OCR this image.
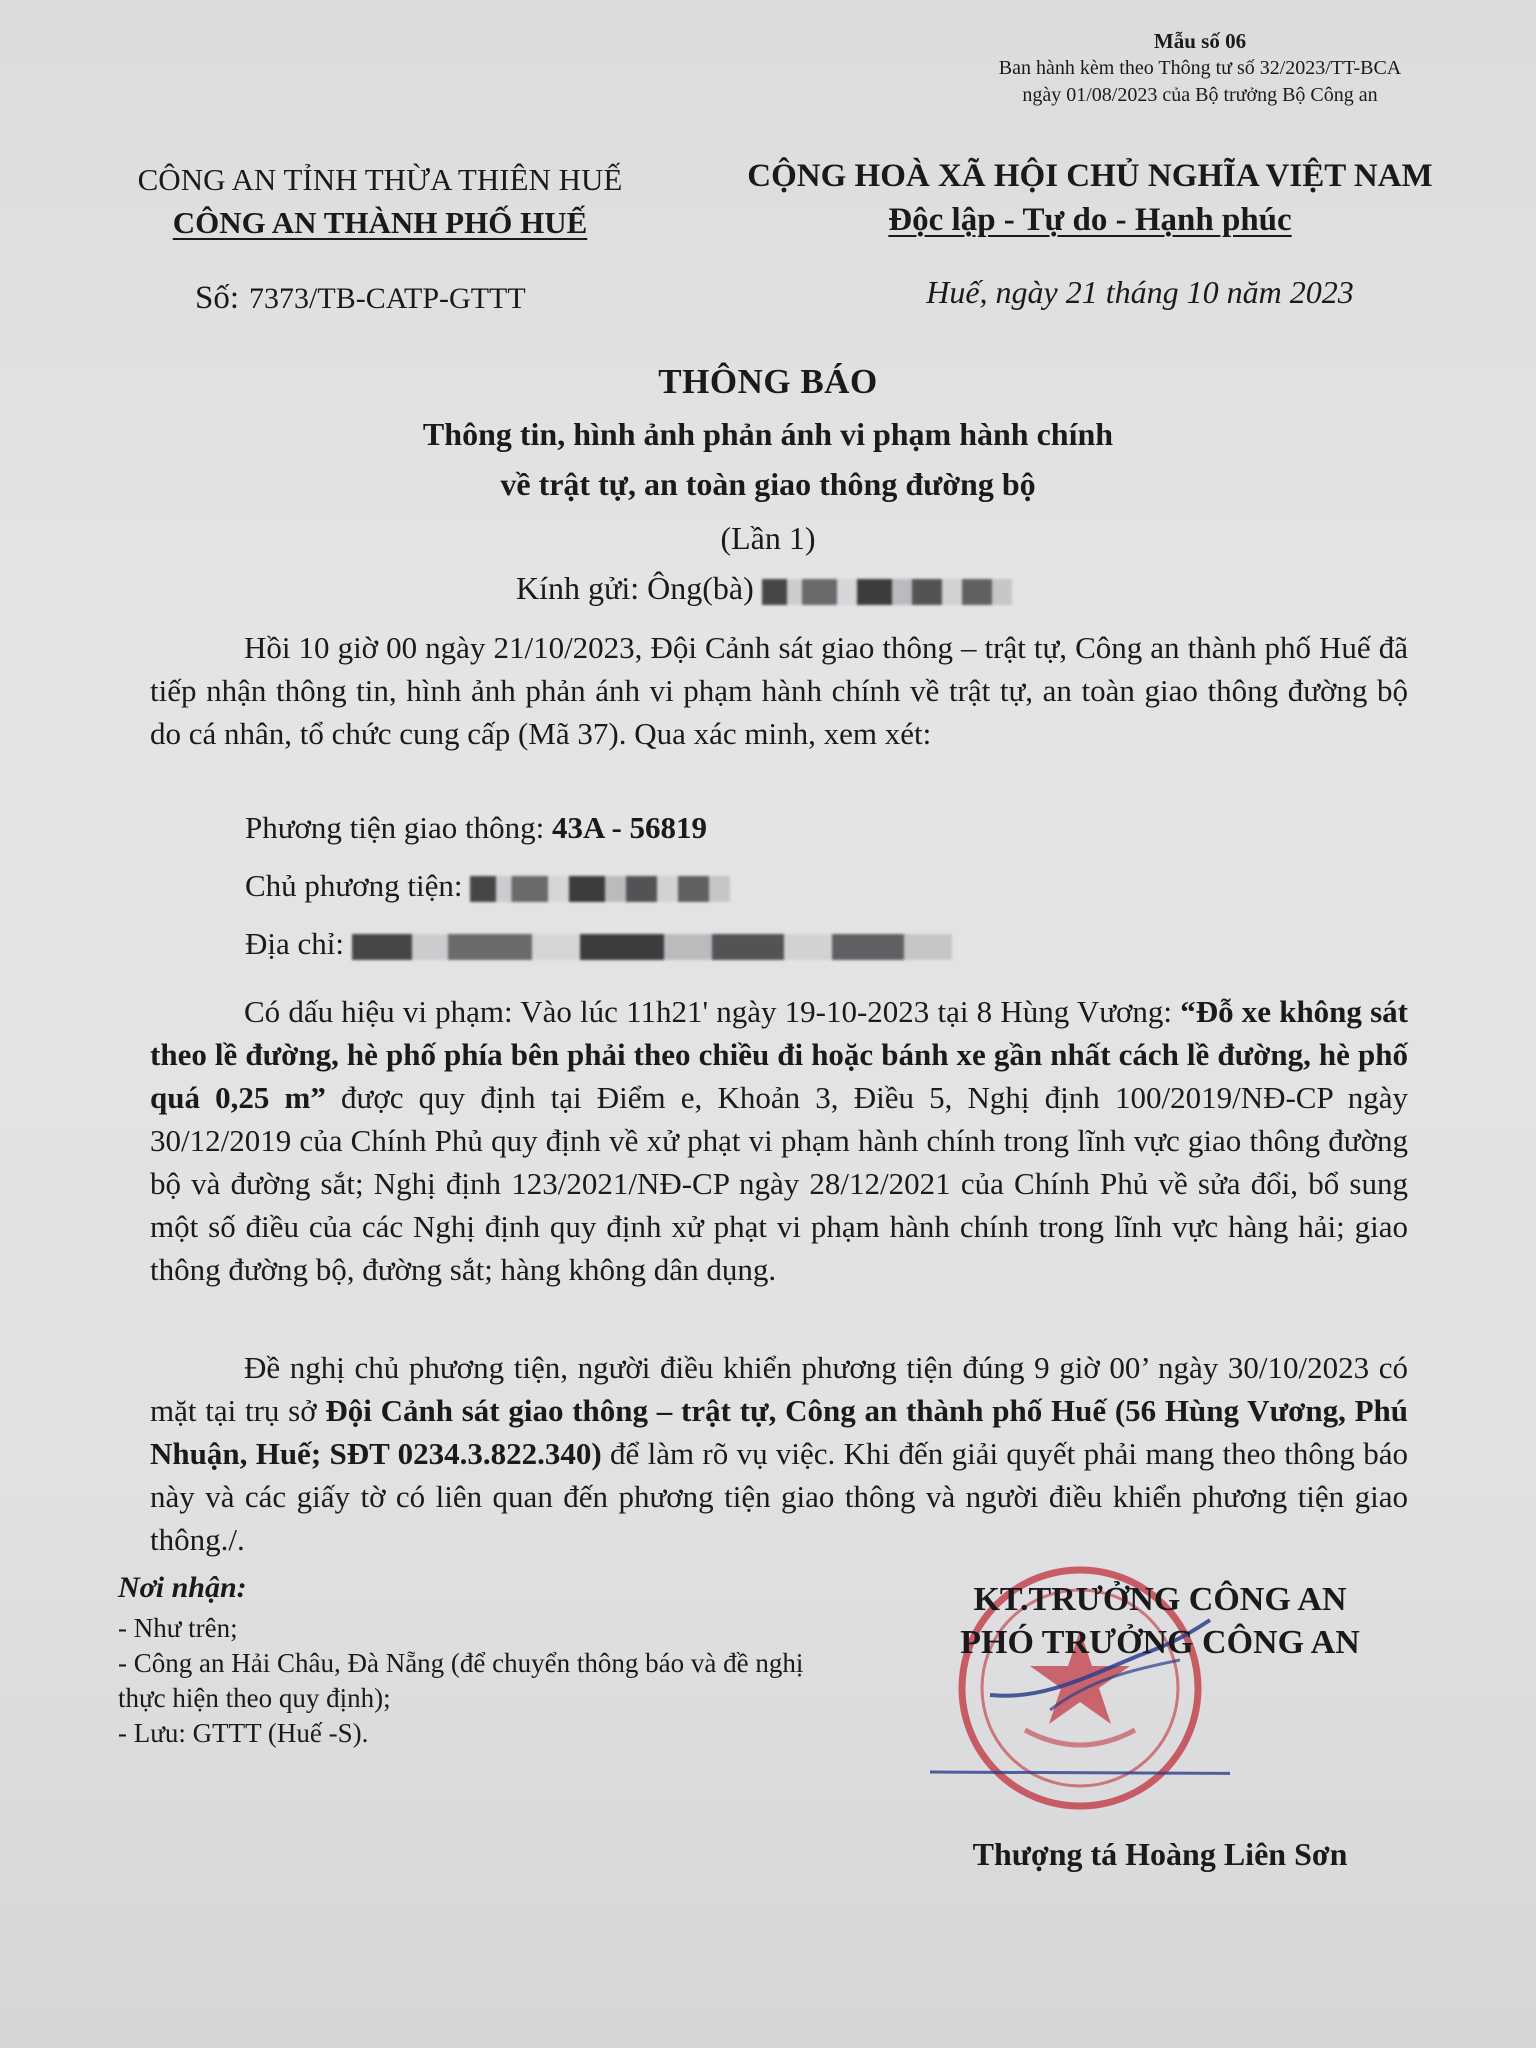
Mẫu số 06
Ban hành kèm theo Thông tư số 32/2023/TT-BCA
ngày 01/08/2023 của Bộ trưởng Bộ Công an
CÔNG AN TỈNH THỪA THIÊN HUẾ
CÔNG AN THÀNH PHỐ HUẾ
CỘNG HOÀ XÃ HỘI CHỦ NGHĨA VIỆT NAM
Độc lập - Tự do - Hạnh phúc
Số: 7373/TB-CATP-GTTT	Huế, ngày 21 tháng 10 năm 2023
THÔNG BÁO
Thông tin, hình ảnh phản ánh vi phạm hành chính
về trật tự, an toàn giao thông đường bộ
(Lần 1)
Kính gửi: Ông(bà)
Hồi 10 giờ 00 ngày 21/10/2023, Đội Cảnh sát giao thông – trật tự, Công an thành phố Huế đã tiếp nhận thông tin, hình ảnh phản ánh vi phạm hành chính về trật tự, an toàn giao thông đường bộ do cá nhân, tổ chức cung cấp (Mã 37). Qua xác minh, xem xét:
Phương tiện giao thông: 43A - 56819
Chủ phương tiện:
Địa chỉ:
Có dấu hiệu vi phạm: Vào lúc 11h21' ngày 19-10-2023 tại 8 Hùng Vương: “Đỗ xe không sát theo lề đường, hè phố phía bên phải theo chiều đi hoặc bánh xe gần nhất cách lề đường, hè phố quá 0,25 m” được quy định tại Điểm e, Khoản 3, Điều 5, Nghị định 100/2019/NĐ-CP ngày 30/12/2019 của Chính Phủ quy định về xử phạt vi phạm hành chính trong lĩnh vực giao thông đường bộ và đường sắt; Nghị định 123/2021/NĐ-CP ngày 28/12/2021 của Chính Phủ về sửa đổi, bổ sung một số điều của các Nghị định quy định xử phạt vi phạm hành chính trong lĩnh vực hàng hải; giao thông đường bộ, đường sắt; hàng không dân dụng.
Đề nghị chủ phương tiện, người điều khiển phương tiện đúng 9 giờ 00’ ngày 30/10/2023 có mặt tại trụ sở Đội Cảnh sát giao thông – trật tự, Công an thành phố Huế (56 Hùng Vương, Phú Nhuận, Huế; SĐT 0234.3.822.340) để làm rõ vụ việc. Khi đến giải quyết phải mang theo thông báo này và các giấy tờ có liên quan đến phương tiện giao thông và người điều khiển phương tiện giao thông./.
Nơi nhận:
- Như trên;
- Công an Hải Châu, Đà Nẵng (để chuyển thông báo và đề nghị thực hiện theo quy định);
- Lưu: GTTT (Huế -S).
KT.TRƯỞNG CÔNG AN
PHÓ TRƯỞNG CÔNG AN
Thượng tá Hoàng Liên Sơn
